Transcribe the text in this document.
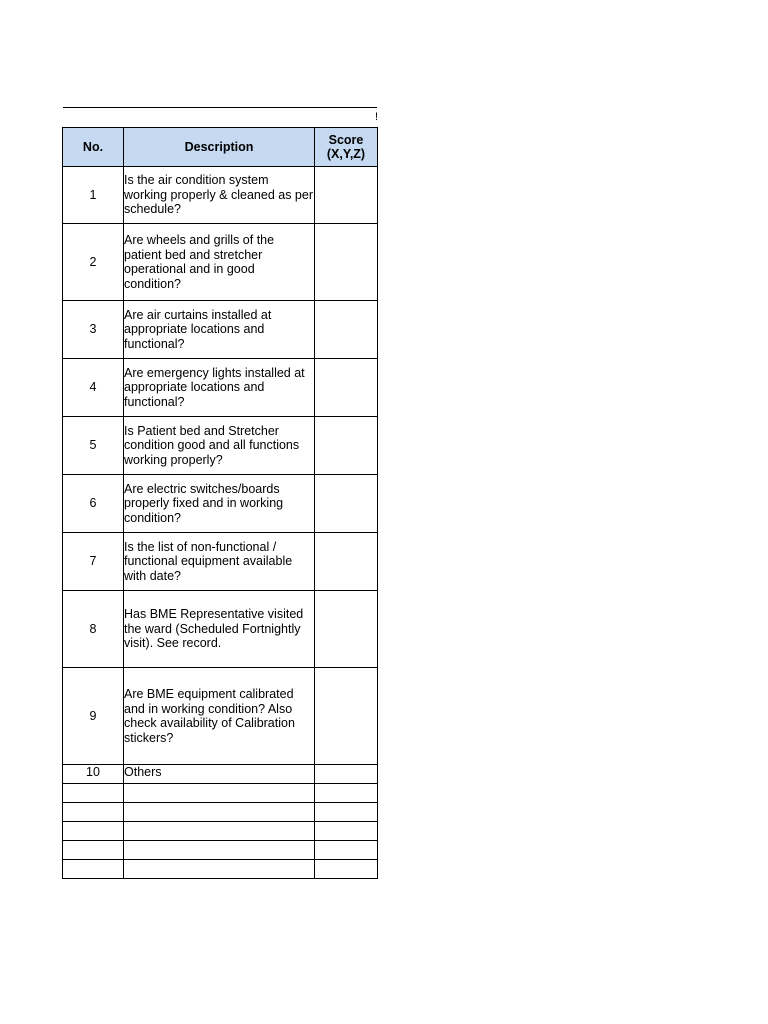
!
No.	Description	Score (X,Y,Z)
1	Is the air condition system working properly & cleaned as per schedule?	
2	Are wheels and grills of the patient bed and stretcher operational and in good condition?	
3	Are air curtains installed at appropriate locations and functional?	
4	Are emergency lights installed at appropriate locations and functional?	
5	Is Patient bed and Stretcher condition good and all functions working properly?	
6	Are electric switches/boards properly fixed and in working condition?	
7	Is the list of non-functional / functional equipment available with date?	
8	Has BME Representative visited the ward (Scheduled Fortnightly visit). See record.	
9	Are BME equipment calibrated and in working condition? Also check availability of Calibration stickers?	
10	Others	
